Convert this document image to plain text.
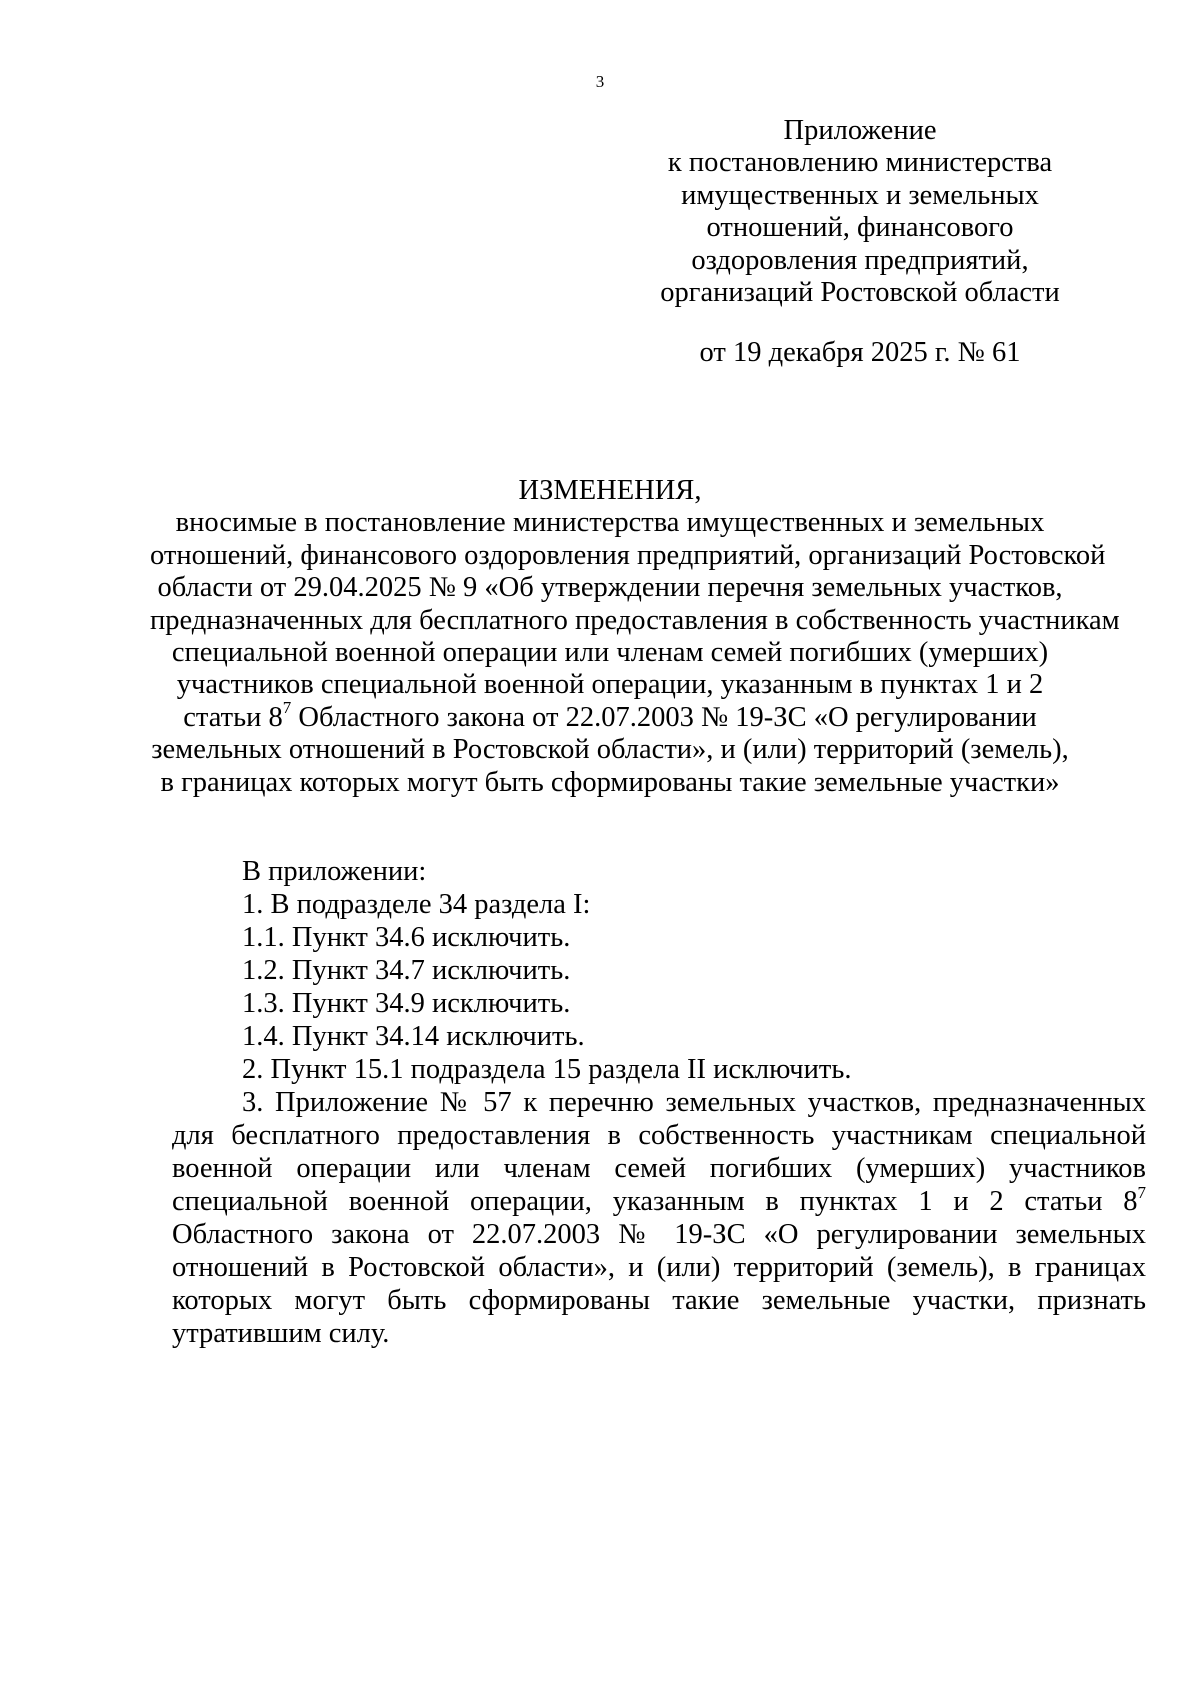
3
Приложение
к постановлению министерства
имущественных и земельных
отношений, финансового
оздоровления предприятий,
организаций Ростовской области
от 19 декабря 2025 г. № 61
ИЗМЕНЕНИЯ,
вносимые в постановление министерства имущественных и земельных
отношений, финансового оздоровления предприятий, организаций Ростовской
области от 29.04.2025 № 9 «Об утверждении перечня земельных участков,
предназначенных для бесплатного предоставления в собственность участникам
специальной военной операции или членам семей погибших (умерших)
участников специальной военной операции, указанным в пунктах 1 и 2
статьи $8^7$ Областного закона от 22.07.2003 № 19-ЗС «О регулировании
земельных отношений в Ростовской области», и (или) территорий (земель),
в границах которых могут быть сформированы такие земельные участки»
В приложении:
1. В подразделе 34 раздела I:
1.1. Пункт 34.6 исключить.
1.2. Пункт 34.7 исключить.
1.3. Пункт 34.9 исключить.
1.4. Пункт 34.14 исключить.
2. Пункт 15.1 подраздела 15 раздела II исключить.
3. Приложение № 57 к перечню земельных участков, предназначенных
для бесплатного предоставления в собственность участникам специальной
военной операции или членам семей погибших (умерших) участников
специальной военной операции, указанным в пунктах 1 и 2 статьи $8^7$
Областного закона от 22.07.2003 № 19-ЗС «О регулировании земельных
отношений в Ростовской области», и (или) территорий (земель), в границах
которых могут быть сформированы такие земельные участки, признать
утратившим силу.
